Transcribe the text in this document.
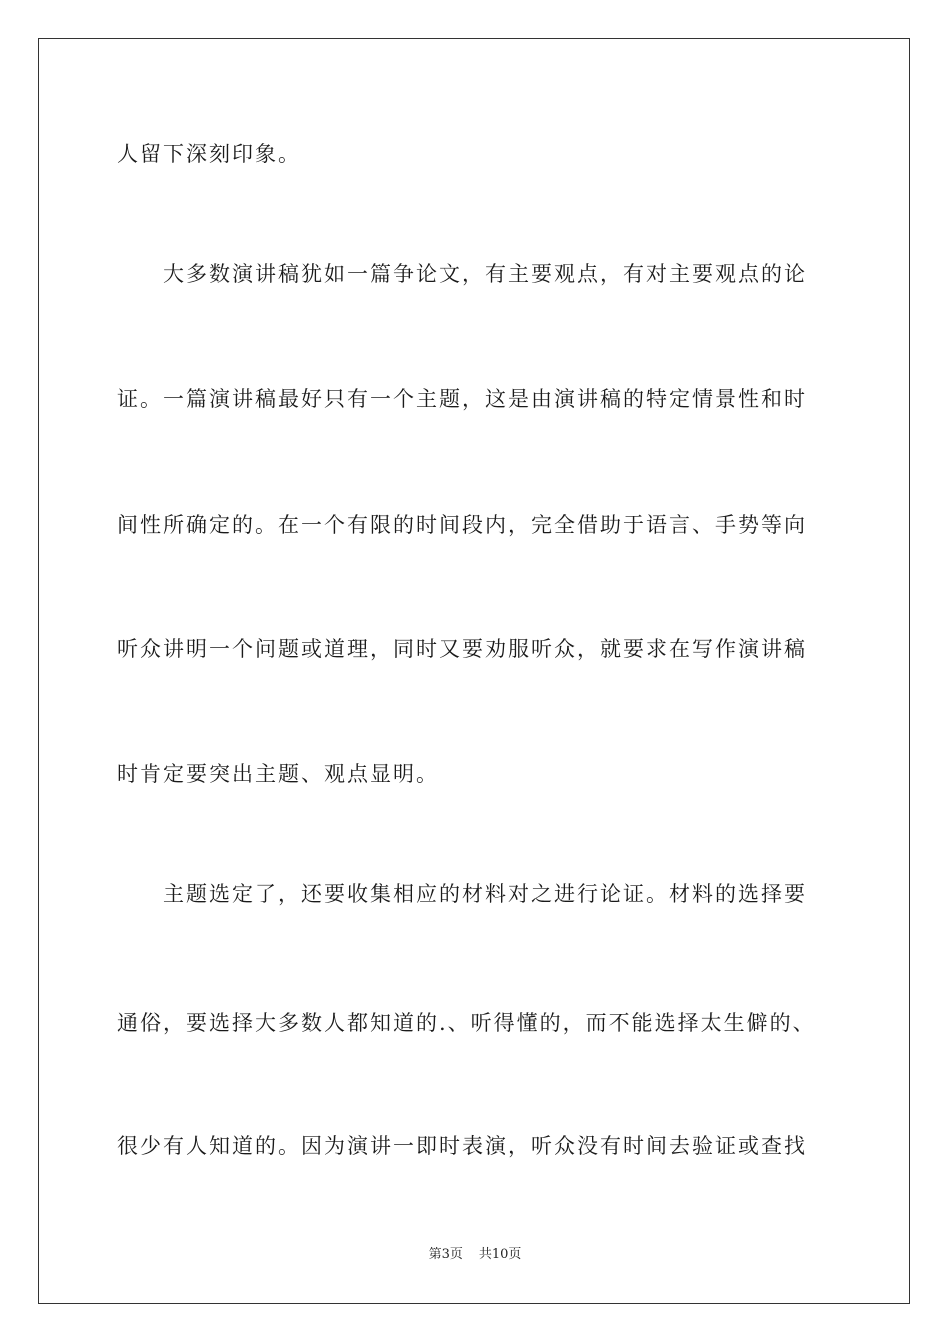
人留下深刻印象。

大多数演讲稿犹如一篇争论文，有主要观点，有对主要观点的论

证。一篇演讲稿最好只有一个主题，这是由演讲稿的特定情景性和时

间性所确定的。在一个有限的时间段内，完全借助于语言、手势等向

听众讲明一个问题或道理，同时又要劝服听众，就要求在写作演讲稿

时肯定要突出主题、观点显明。

主题选定了，还要收集相应的材料对之进行论证。材料的选择要

通俗，要选择大多数人都知道的.、听得懂的，而不能选择太生僻的、

很少有人知道的。因为演讲一即时表演，听众没有时间去验证或查找

第3页 共10页
